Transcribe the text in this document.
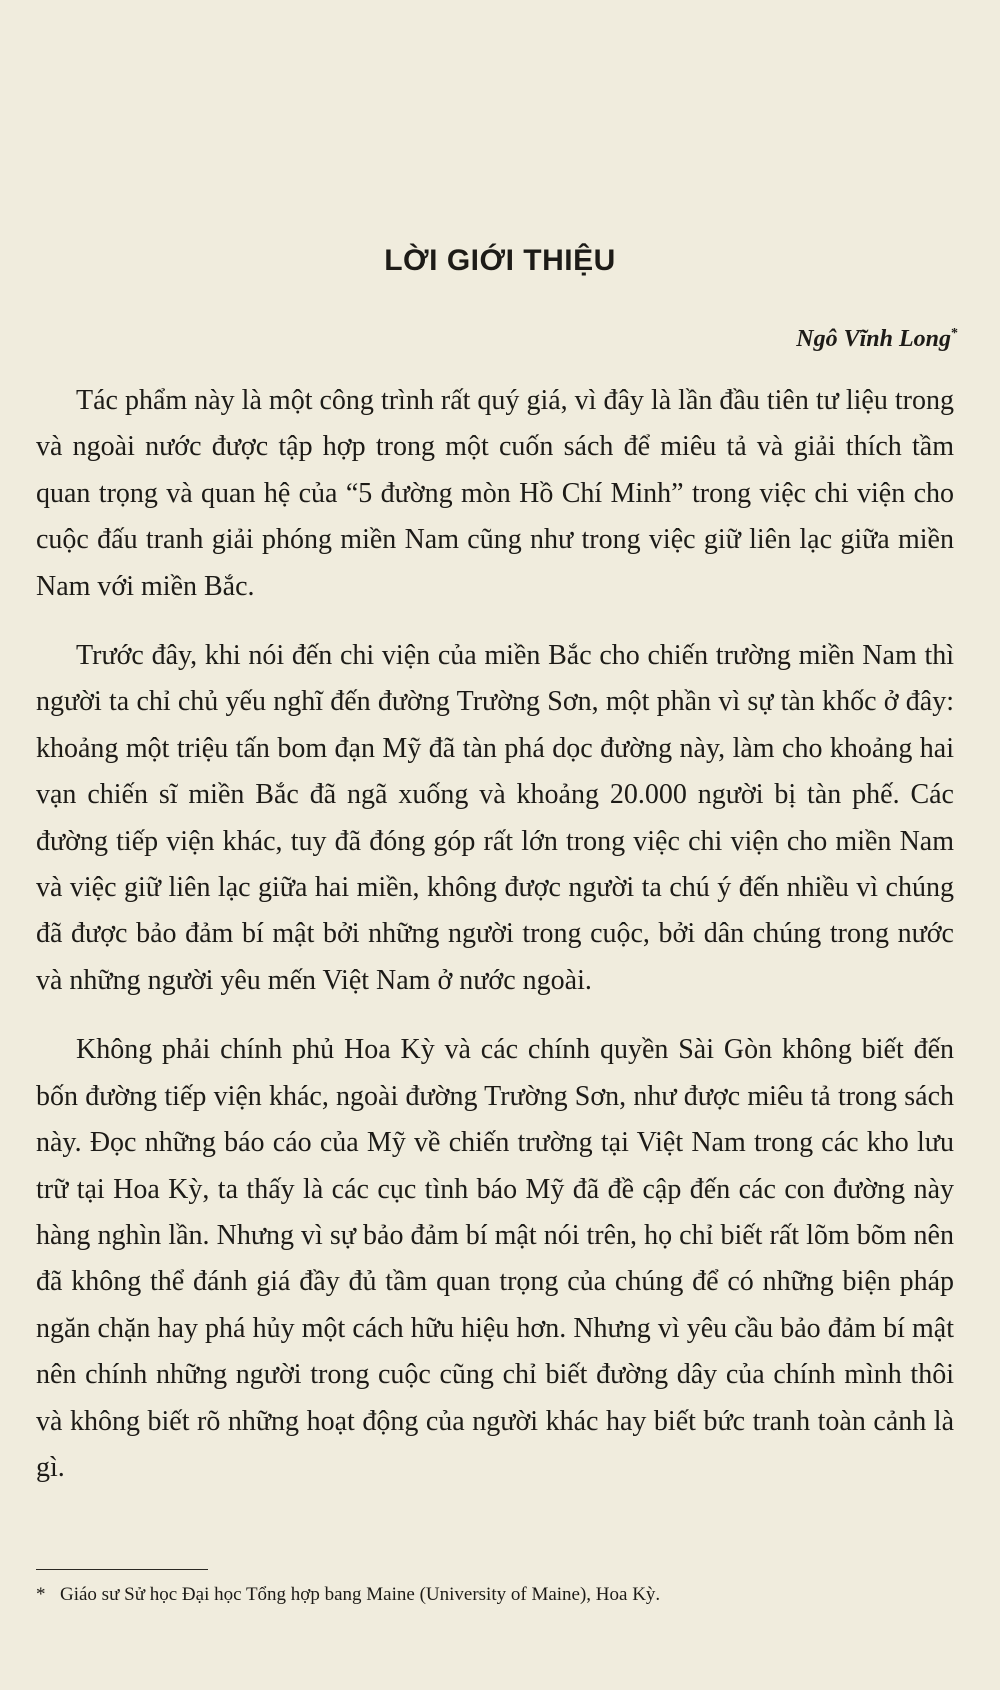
LỜI GIỚI THIỆU

Ngô Vĩnh Long*

Tác phẩm này là một công trình rất quý giá, vì đây là lần đầu tiên tư liệu trong và ngoài nước được tập hợp trong một cuốn sách để miêu tả và giải thích tầm quan trọng và quan hệ của “5 đường mòn Hồ Chí Minh” trong việc chi viện cho cuộc đấu tranh giải phóng miền Nam cũng như trong việc giữ liên lạc giữa miền Nam với miền Bắc.

Trước đây, khi nói đến chi viện của miền Bắc cho chiến trường miền Nam thì người ta chỉ chủ yếu nghĩ đến đường Trường Sơn, một phần vì sự tàn khốc ở đây: khoảng một triệu tấn bom đạn Mỹ đã tàn phá dọc đường này, làm cho khoảng hai vạn chiến sĩ miền Bắc đã ngã xuống và khoảng 20.000 người bị tàn phế. Các đường tiếp viện khác, tuy đã đóng góp rất lớn trong việc chi viện cho miền Nam và việc giữ liên lạc giữa hai miền, không được người ta chú ý đến nhiều vì chúng đã được bảo đảm bí mật bởi những người trong cuộc, bởi dân chúng trong nước và những người yêu mến Việt Nam ở nước ngoài.

Không phải chính phủ Hoa Kỳ và các chính quyền Sài Gòn không biết đến bốn đường tiếp viện khác, ngoài đường Trường Sơn, như được miêu tả trong sách này. Đọc những báo cáo của Mỹ về chiến trường tại Việt Nam trong các kho lưu trữ tại Hoa Kỳ, ta thấy là các cục tình báo Mỹ đã đề cập đến các con đường này hàng nghìn lần. Nhưng vì sự bảo đảm bí mật nói trên, họ chỉ biết rất lõm bõm nên đã không thể đánh giá đầy đủ tầm quan trọng của chúng để có những biện pháp ngăn chặn hay phá hủy một cách hữu hiệu hơn. Nhưng vì yêu cầu bảo đảm bí mật nên chính những người trong cuộc cũng chỉ biết đường dây của chính mình thôi và không biết rõ những hoạt động của người khác hay biết bức tranh toàn cảnh là gì.

* Giáo sư Sử học Đại học Tổng hợp bang Maine (University of Maine), Hoa Kỳ.
